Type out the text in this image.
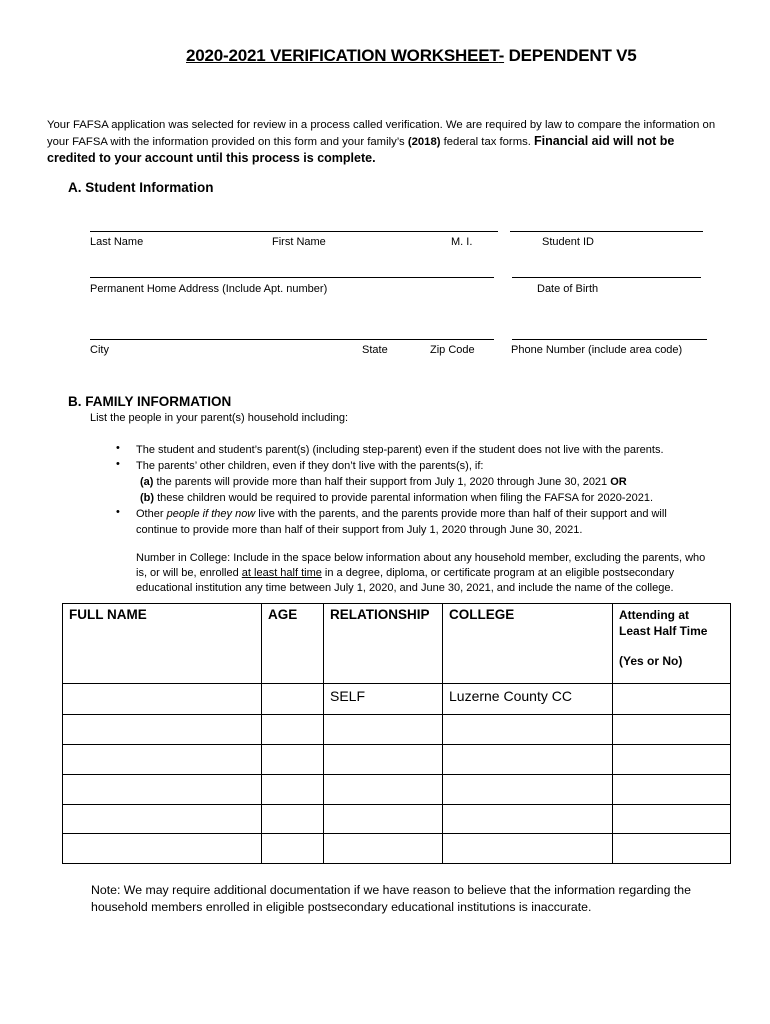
2020-2021 VERIFICATION WORKSHEET- DEPENDENT V5
Your FAFSA application was selected for review in a process called verification. We are required by law to compare the information on
your FAFSA with the information provided on this form and your family’s (2018) federal tax forms. Financial aid will not be
credited to your account until this process is complete.
A. Student Information
Last Name	First Name	M. I.	Student ID
Permanent Home Address (Include Apt. number)	Date of Birth
City	State	Zip Code	Phone Number (include area code)
B. FAMILY INFORMATION
List the people in your parent(s) household including:
• The student and student’s parent(s) (including step-parent) even if the student does not live with the parents.
• The parents’ other children, even if they don’t live with the parents(s), if:
(a) the parents will provide more than half their support from July 1, 2020 through June 30, 2021 OR
(b) these children would be required to provide parental information when filing the FAFSA for 2020-2021.
• Other people if they now live with the parents, and the parents provide more than half of their support and will
continue to provide more than half of their support from July 1, 2020 through June 30, 2021.
Number in College: Include in the space below information about any household member, excluding the parents, who
is, or will be, enrolled at least half time in a degree, diploma, or certificate program at an eligible postsecondary
educational institution any time between July 1, 2020, and June 30, 2021, and include the name of the college.
FULL NAME	AGE	RELATIONSHIP	COLLEGE	Attending at
Least Half Time
(Yes or No)

		SELF	Luzerne County CC	

Note: We may require additional documentation if we have reason to believe that the information regarding the
household members enrolled in eligible postsecondary educational institutions is inaccurate.
